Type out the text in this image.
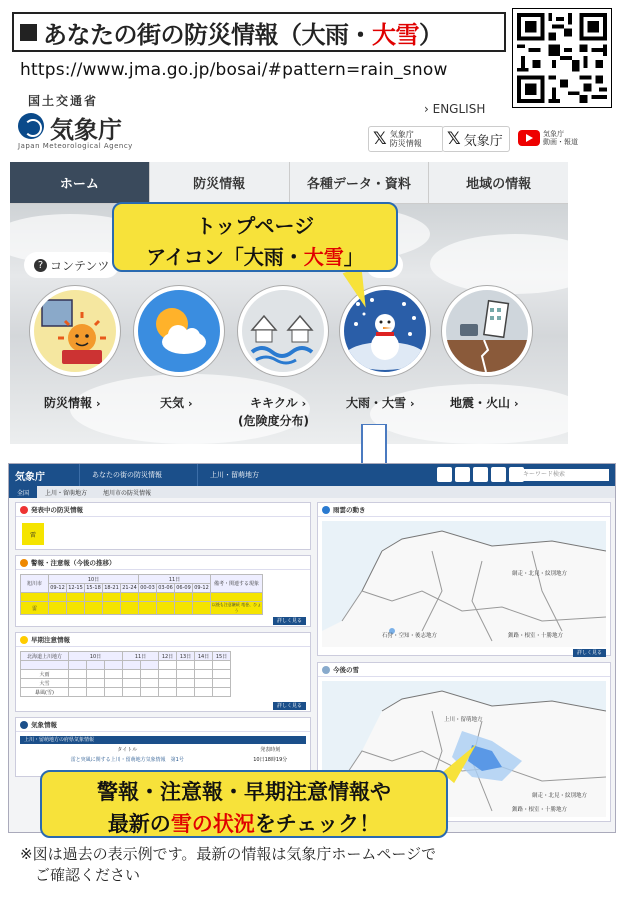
あなたの街の防災情報（大雨・ 大雪 ）
https://www.jma.go.jp/bosai/#pattern=rain_snow
国土交通省
気象庁
Japan Meteorological Agency
› ENGLISH
𝕏 気象庁
防災情報 𝕏 気象庁	気象庁
動画・報道
ホーム	防災情報	各種データ・資料	地域の情報
? コンテンツ
防災情報 ›	天気 ›	キキクル ›
(危険度分布)
大雨・大雪 ›	地震・火山 ›
トップページ
アイコン「大雨・大雪」
気象庁	あなたの街の防災情報	上川・留萌地方	キーワード検索
全国	上川・留萌地方	旭川市の防災情報
発表中の防災情報
雷
警報・注意報（今後の推移）
旭川市	10日					11日				備考・関連する現象
	09-12	12-15	15-18	18-21	21-24	00-03	03-06	06-09	09-12	

雷										以後も注意継続 竜巻、ひょう
詳しく見る
早期注意情報
北海道上川地方	10日			11日		12日	13日	14日	15日

大雨									
大雪									
暴風(雪)									
詳しく見る
気象情報
上川・留萌地方の府県気象情報
タイトル	発表時刻
雷と突風に関する上川・留萌地方気象情報　第1号	10日18時19分
雨雲の動き
網走・北見・紋別地方
釧路・根室・十勝地方
石狩・空知・後志地方
詳しく見る
今後の雪
上川・留萌地方
網走・北見・紋別地方
釧路・根室・十勝地方
警報・注意報・早期注意情報や
最新の雪の状況をチェック！
※図は過去の表示例です。最新の情報は気象庁ホームページで
　ご確認ください
